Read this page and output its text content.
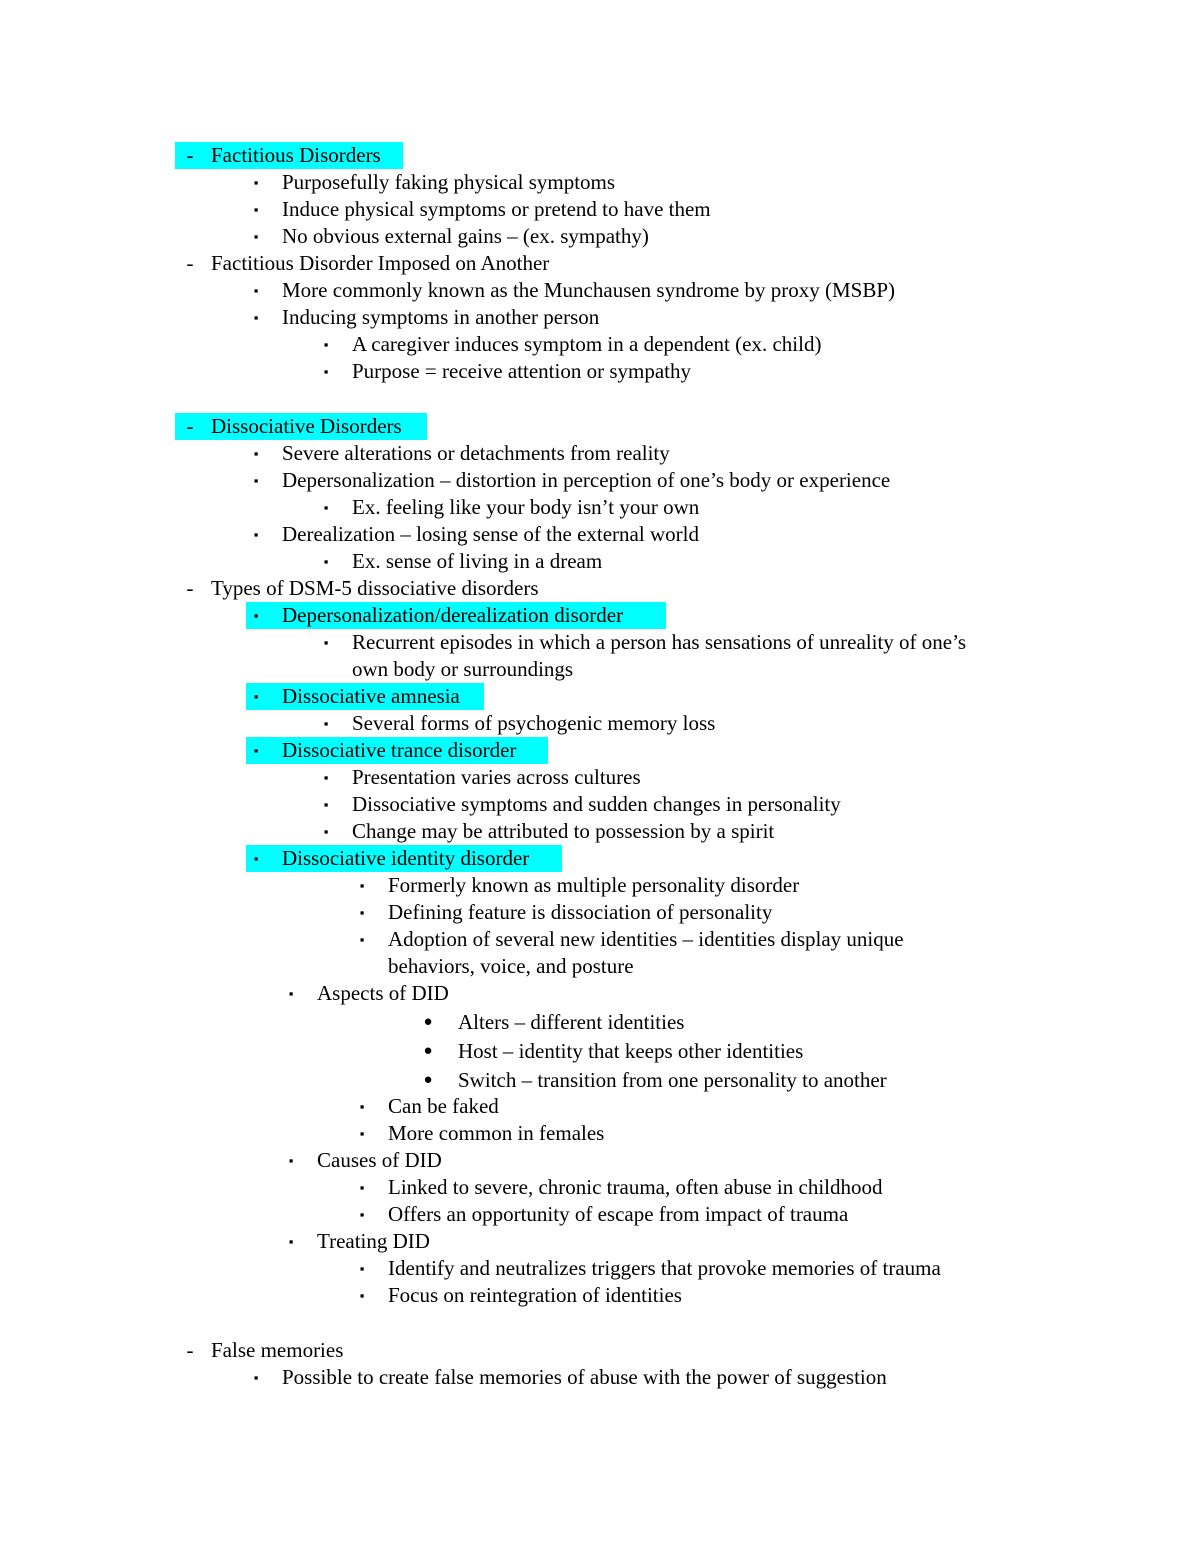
- Factitious Disorders
▪	Purposefully faking physical symptoms
▪	Induce physical symptoms or pretend to have them
▪	No obvious external gains – (ex. sympathy)
- Factitious Disorder Imposed on Another
▪	More commonly known as the Munchausen syndrome by proxy (MSBP)
▪	Inducing symptoms in another person
▪	A caregiver induces symptom in a dependent (ex. child)
▪	Purpose = receive attention or sympathy
- Dissociative Disorders
▪	Severe alterations or detachments from reality
▪	Depersonalization – distortion in perception of one’s body or experience
▪	Ex. feeling like your body isn’t your own
▪	Derealization – losing sense of the external world
▪	Ex. sense of living in a dream
- Types of DSM-5 dissociative disorders
▪	Depersonalization/derealization disorder
▪	Recurrent episodes in which a person has sensations of unreality of one’s
own body or surroundings
▪	Dissociative amnesia
▪	Several forms of psychogenic memory loss
▪	Dissociative trance disorder
▪	Presentation varies across cultures
▪	Dissociative symptoms and sudden changes in personality
▪	Change may be attributed to possession by a spirit
▪	Dissociative identity disorder
▪	Formerly known as multiple personality disorder
▪	Defining feature is dissociation of personality
▪	Adoption of several new identities – identities display unique
behaviors, voice, and posture
▪	Aspects of DID
● Alters – different identities
● Host – identity that keeps other identities
● Switch – transition from one personality to another
▪	Can be faked
▪	More common in females
▪	Causes of DID
▪	Linked to severe, chronic trauma, often abuse in childhood
▪	Offers an opportunity of escape from impact of trauma
▪	Treating DID
▪	Identify and neutralizes triggers that provoke memories of trauma
▪	Focus on reintegration of identities
- False memories
▪	Possible to create false memories of abuse with the power of suggestion
